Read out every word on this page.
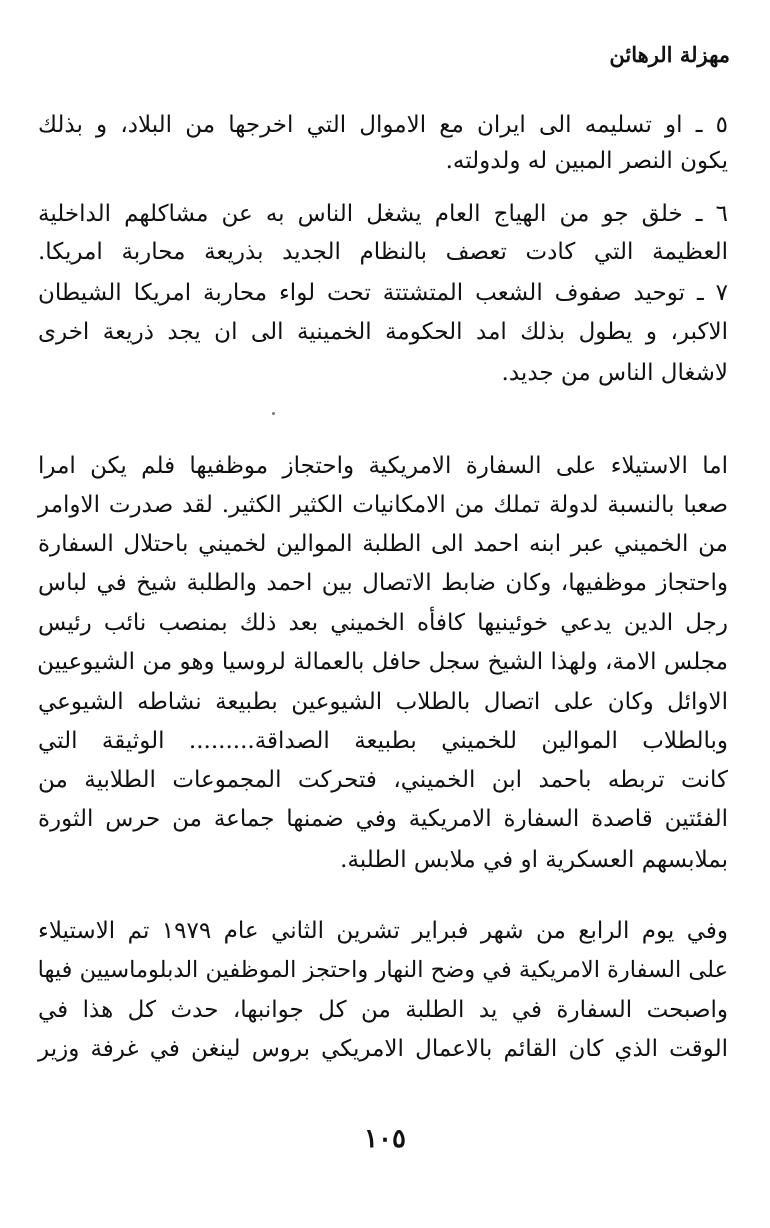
مهزلة الرهائن
٥ ـ او تسليمه الى ايران مع الاموال التي اخرجها من البلاد، و بذلك
يكون النصر المبين له ولدولته.
٦ ـ خلق جو من الهياج العام يشغل الناس به عن مشاكلهم الداخلية
العظيمة التي كادت تعصف بالنظام الجديد بذريعة محاربة امريكا.
٧ ـ توحيد صفوف الشعب المتشتتة تحت لواء محاربة امريكا الشيطان
الاكبر، و يطول بذلك امد الحكومة الخمينية الى ان يجد ذريعة اخرى
لاشغال الناس من جديد.
اما الاستيلاء على السفارة الامريكية واحتجاز موظفيها فلم يكن امرا
صعبا بالنسبة لدولة تملك من الامكانيات الكثير الكثير. لقد صدرت الاوامر
من الخميني عبر ابنه احمد الى الطلبة الموالين لخميني باحتلال السفارة
واحتجاز موظفيها، وكان ضابط الاتصال بين احمد والطلبة شيخ في لباس
رجل الدين يدعي خوئينيها كافأه الخميني بعد ذلك بمنصب نائب رئيس
مجلس الامة، ولهذا الشيخ سجل حافل بالعمالة لروسيا وهو من الشيوعيين
الاوائل وكان على اتصال بالطلاب الشيوعين بطبيعة نشاطه الشيوعي
وبالطلاب الموالين للخميني بطبيعة الصداقة......... الوثيقة التي
كانت تربطه باحمد ابن الخميني، فتحركت المجموعات الطلابية من
الفئتين قاصدة السفارة الامريكية وفي ضمنها جماعة من حرس الثورة
بملابسهم العسكرية او في ملابس الطلبة.
وفي يوم الرابع من شهر فبراير تشرين الثاني عام ١٩٧٩ تم الاستيلاء
على السفارة الامريكية في وضح النهار واحتجز الموظفين الدبلوماسيين فيها
واصبحت السفارة في يد الطلبة من كل جوانبها، حدث كل هذا في
الوقت الذي كان القائم بالاعمال الامريكي بروس لينغن في غرفة وزير
١٠٥
